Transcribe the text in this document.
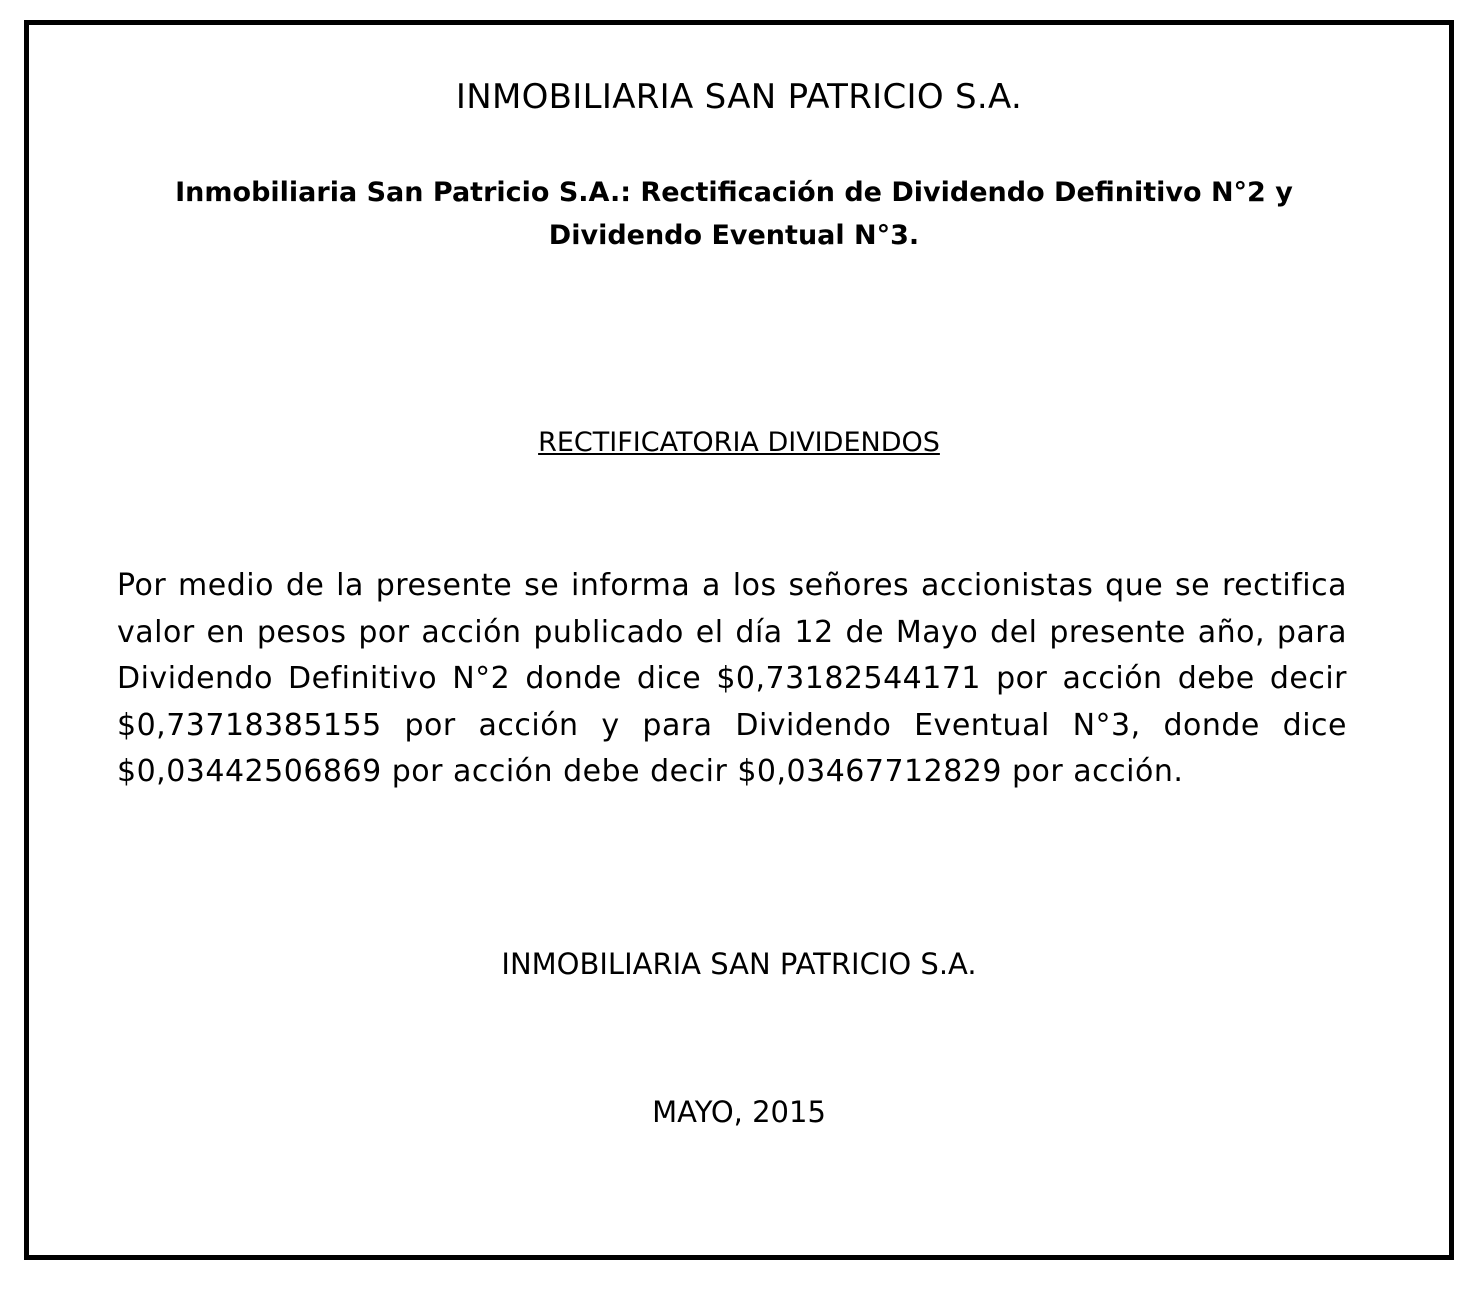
INMOBILIARIA SAN PATRICIO S.A.
Inmobiliaria San Patricio S.A.: Rectificación de Dividendo Definitivo N°2 y Dividendo Eventual N°3.
RECTIFICATORIA DIVIDENDOS
Por medio de la presente se informa a los señores accionistas que se rectifica valor en pesos por acción publicado el día 12 de Mayo del presente año, para Dividendo Definitivo N°2 donde dice $0,73182544171 por acción debe decir $0,73718385155 por acción y para Dividendo Eventual N°3, donde dice $0,03442506869 por acción debe decir $0,03467712829 por acción.
INMOBILIARIA SAN PATRICIO S.A.
MAYO, 2015
